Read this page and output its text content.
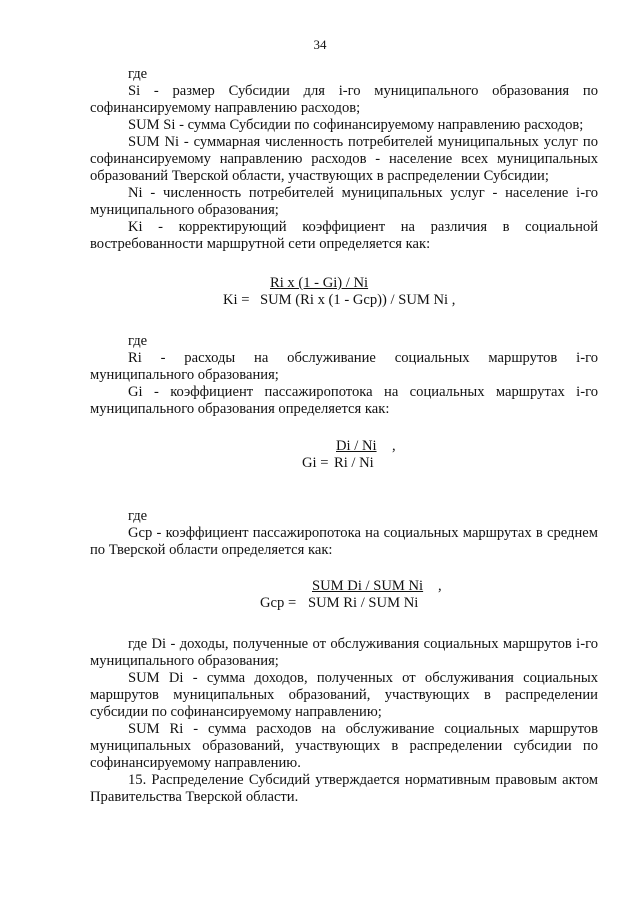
34

где

Si - размер Субсидии для i-го муниципального образования по софинансируемому направлению расходов;

SUM Si - сумма Субсидии по софинансируемому направлению расходов;

SUM Ni - суммарная численность потребителей муниципальных услуг по софинансируемому направлению расходов - население всех муниципальных образований Тверской области, участвующих в распределении Субсидии;

Ni - численность потребителей муниципальных услуг - население i-го муниципального образования;

Ki - корректирующий коэффициент на различия в социальной востребованности маршрутной сети определяется как:

Ri x (1 - Gi) / Ni
Ki = SUM (Ri x (1 - Gcp)) / SUM Ni ,

где

Ri - расходы на обслуживание социальных маршрутов i-го муниципального образования;

Gi - коэффициент пассажиропотока на социальных маршрутах i-го муниципального образования определяется как:

Di / Ni ,
Gi = Ri / Ni

где

Gcp - коэффициент пассажиропотока на социальных маршрутах в среднем по Тверской области определяется как:

SUM Di / SUM Ni ,
Gcp = SUM Ri / SUM Ni

где Di - доходы, полученные от обслуживания социальных маршрутов i-го муниципального образования;

SUM Di - сумма доходов, полученных от обслуживания социальных маршрутов муниципальных образований, участвующих в распределении субсидии по софинансируемому направлению;

SUM Ri - сумма расходов на обслуживание социальных маршрутов муниципальных образований, участвующих в распределении субсидии по софинансируемому направлению.

15. Распределение Субсидий утверждается нормативным правовым актом Правительства Тверской области.
